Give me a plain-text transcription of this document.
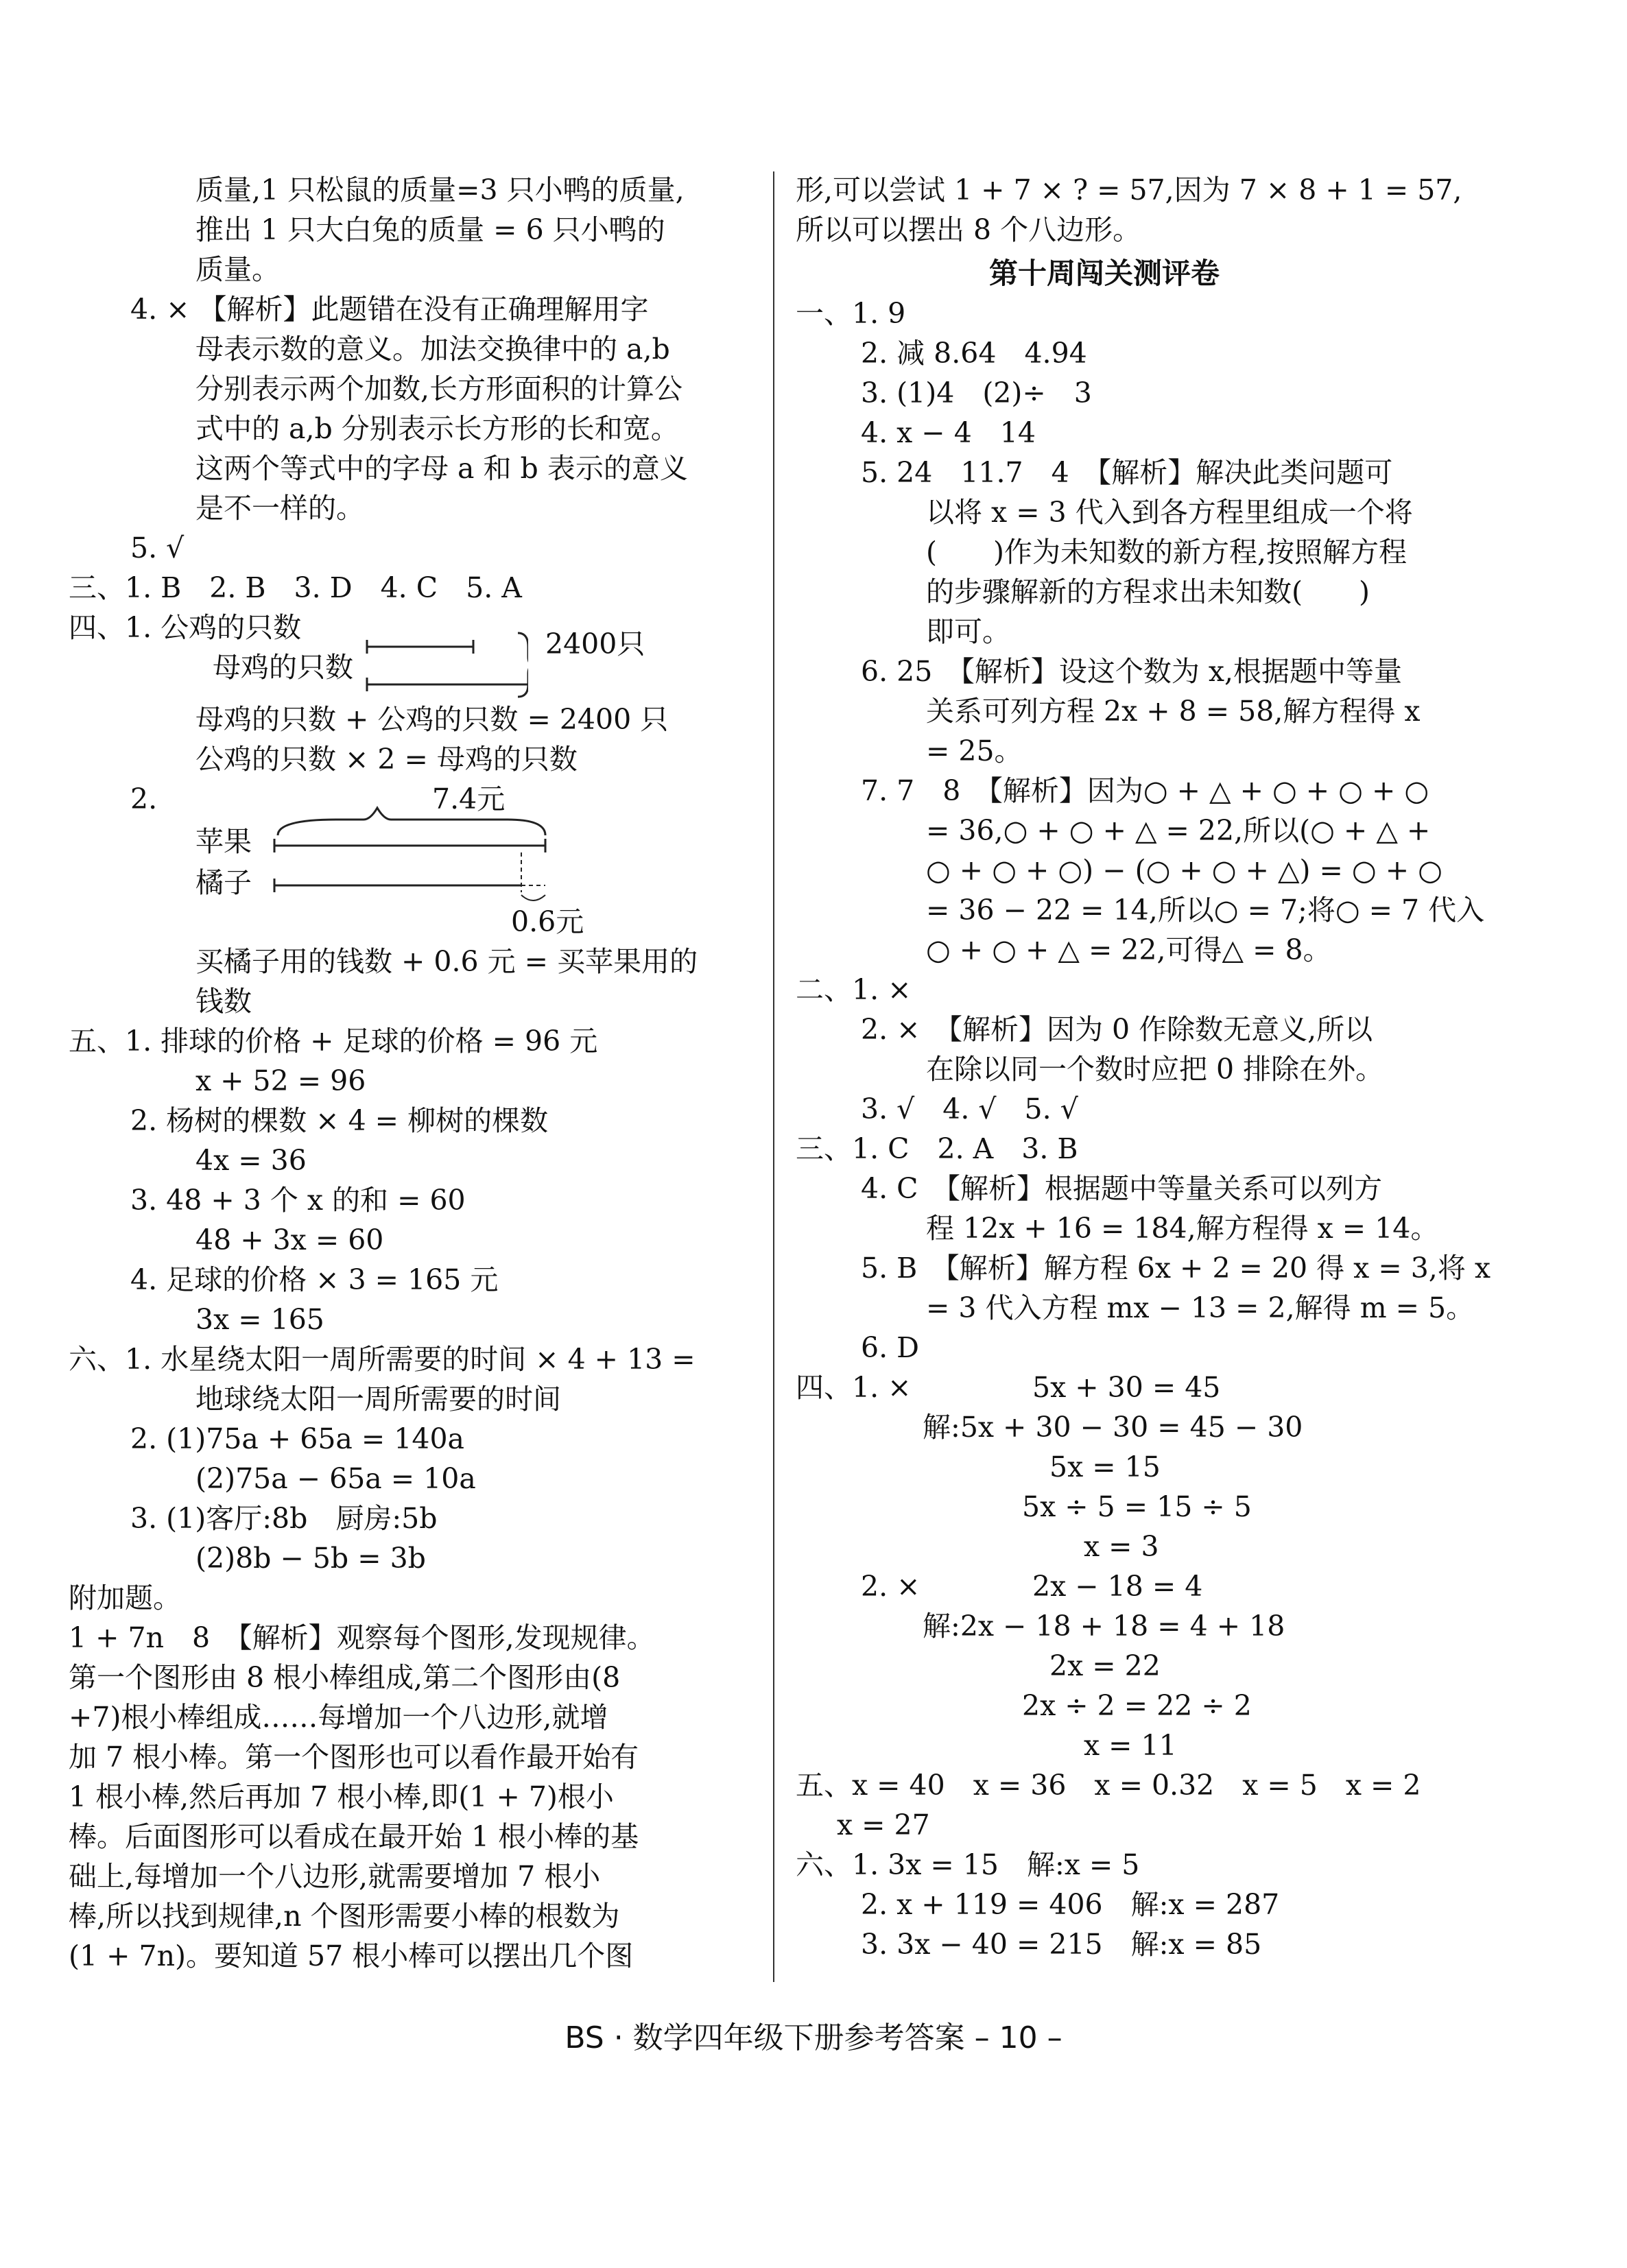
质量,1 只松鼠的质量=3 只小鸭的质量,
推出 1 只大白兔的质量 = 6 只小鸭的
质量。
4. × 【解析】此题错在没有正确理解用字
母表示数的意义。加法交换律中的 a,b
分别表示两个加数,长方形面积的计算公
式中的 a,b 分别表示长方形的长和宽。
这两个等式中的字母 a 和 b 表示的意义
是不一样的。
5. √
三、1. B　2. B　3. D　4. C　5. A
四、1. 公鸡的只数
母鸡的只数
2400只
母鸡的只数 + 公鸡的只数 = 2400 只
公鸡的只数 × 2 = 母鸡的只数
2.	7.4元
苹果
橘子
0.6元
买橘子用的钱数 + 0.6 元 = 买苹果用的
钱数
五、1. 排球的价格 + 足球的价格 = 96 元
x + 52 = 96
2. 杨树的棵数 × 4 = 柳树的棵数
4x = 36
3. 48 + 3 个 x 的和 = 60
48 + 3x = 60
4. 足球的价格 × 3 = 165 元
3x = 165
六、1. 水星绕太阳一周所需要的时间 × 4 + 13 =
地球绕太阳一周所需要的时间
2. (1)75a + 65a = 140a
(2)75a − 65a = 10a
3. (1)客厅:8b　厨房:5b
(2)8b − 5b = 3b
附加题。
1 + 7n　8　【解析】观察每个图形,发现规律。
第一个图形由 8 根小棒组成,第二个图形由(8
+7)根小棒组成……每增加一个八边形,就增
加 7 根小棒。第一个图形也可以看作最开始有
1 根小棒,然后再加 7 根小棒,即(1 + 7)根小
棒。后面图形可以看成在最开始 1 根小棒的基
础上,每增加一个八边形,就需要增加 7 根小
棒,所以找到规律,n 个图形需要小棒的根数为
(1 + 7n)。要知道 57 根小棒可以摆出几个图
形,可以尝试 1 + 7 × ? = 57,因为 7 × 8 + 1 = 57,
所以可以摆出 8 个八边形。
第十周闯关测评卷
一、1. 9
2. 减 8.64　4.94
3. (1)4　(2)÷　3
4. x − 4　14
5. 24　11.7　4　【解析】解决此类问题可
以将 x = 3 代入到各方程里组成一个将
(　　)作为未知数的新方程,按照解方程
的步骤解新的方程求出未知数(　　)
即可。
6. 25　【解析】设这个数为 x,根据题中等量
关系可列方程 2x + 8 = 58,解方程得 x
= 25。
7. 7　8　【解析】因为○ + △ + ○ + ○ + ○
= 36,○ + ○ + △ = 22,所以(○ + △ +
○ + ○ + ○) − (○ + ○ + △) = ○ + ○
= 36 − 22 = 14,所以○ = 7;将○ = 7 代入
○ + ○ + △ = 22,可得△ = 8。
二、1. ×
2. ×　【解析】因为 0 作除数无意义,所以
在除以同一个数时应把 0 排除在外。
3. √　4. √　5. √
三、1. C　2. A　3. B
4. C　【解析】根据题中等量关系可以列方
程 12x + 16 = 184,解方程得 x = 14。
5. B　【解析】解方程 6x + 2 = 20 得 x = 3,将 x
= 3 代入方程 mx − 13 = 2,解得 m = 5。
6. D
四、1. ×	5x + 30 = 45
解:5x + 30 − 30 = 45 − 30
5x = 15
5x ÷ 5 = 15 ÷ 5
x = 3
2. ×	2x − 18 = 4
解:2x − 18 + 18 = 4 + 18
2x = 22
2x ÷ 2 = 22 ÷ 2
x = 11
五、x = 40　x = 36　x = 0.32　x = 5　x = 2
x = 27
六、1. 3x = 15　解:x = 5
2. x + 119 = 406　解:x = 287
3. 3x − 40 = 215　解:x = 85
BS · 数学四年级下册参考答案 – 10 –
